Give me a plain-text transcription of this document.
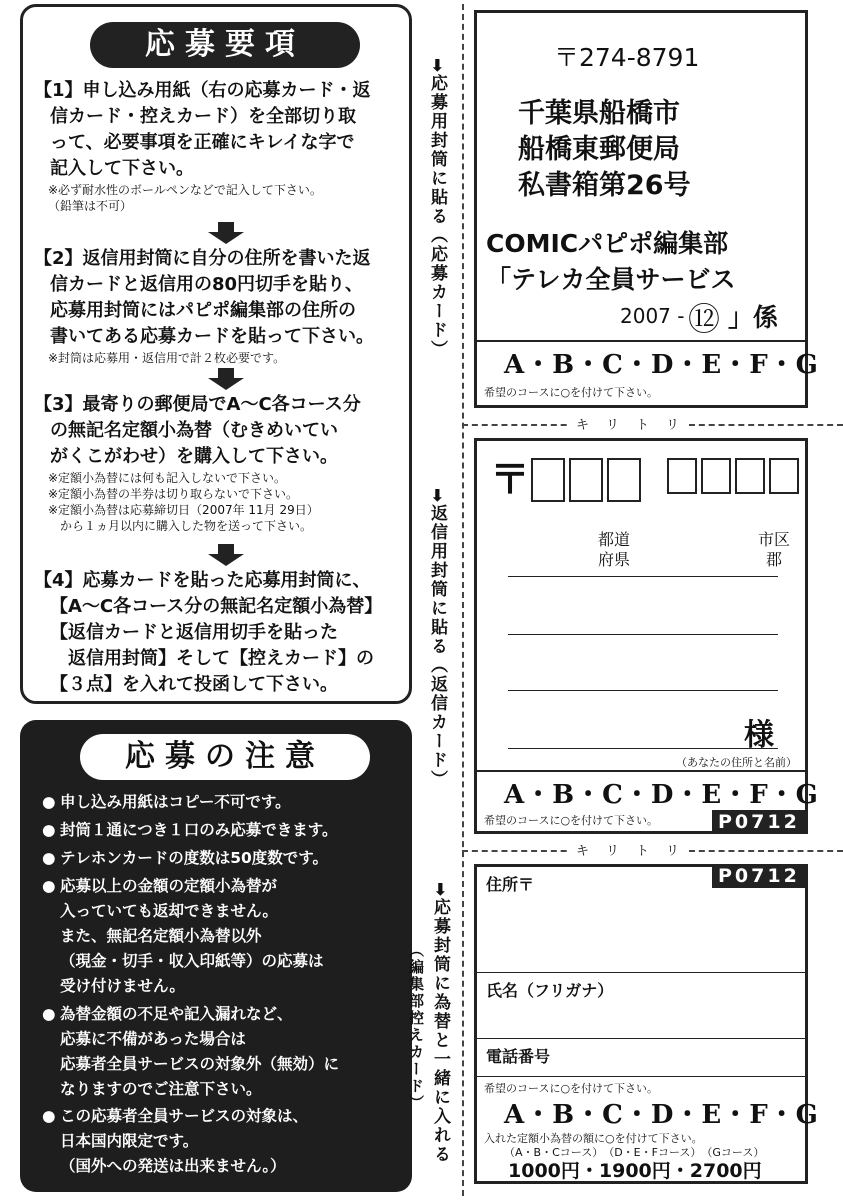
応募要項
【1】申し込み用紙（右の応募カード・返
信カード・控えカード）を全部切り取
って、必要事項を正確にキレイな字で
記入して下さい。
※必ず耐水性のボールペンなどで記入して下さい。
（鉛筆は不可）
【2】返信用封筒に自分の住所を書いた返
信カードと返信用の80円切手を貼り、
応募用封筒にはパピポ編集部の住所の
書いてある応募カードを貼って下さい。
※封筒は応募用・返信用で計２枚必要です。
【3】最寄りの郵便局でA～C各コース分
の無記名定額小為替（むきめいてい
がくこがわせ）を購入して下さい。
※定額小為替には何も記入しないで下さい。
※定額小為替の半券は切り取らないで下さい。
※定額小為替は応募締切日（2007年 11月 29日）
　から１ヵ月以内に購入した物を送って下さい。
【4】応募カードを貼った応募用封筒に、
【A～C各コース分の無記名定額小為替】
【返信カードと返信用切手を貼った
返信用封筒】そして【控えカード】の
【３点】を入れて投函して下さい。
応募の注意
● 申し込み用紙はコピー不可です。
● 封筒１通につき１口のみ応募できます。
● テレホンカードの度数は50度数です。
● 応募以上の金額の定額小為替が
入っていても返却できません。
また、無記名定額小為替以外
（現金・切手・収入印紙等）の応募は
受け付けません。
● 為替金額の不足や記入漏れなど、
応募に不備があった場合は
応募者全員サービスの対象外（無効）に
なりますのでご注意下さい。
● この応募者全員サービスの対象は、
日本国内限定です。
（国外への発送は出来ません。）
➡応募用封筒に貼る（応募カード）
➡返信用封筒に貼る（返信カード）
➡応募封筒に為替と一緒に入れる
（編集部控えカード）
キ　リ　ト　リ
キ　リ　ト　リ
〒274-8791
千葉県船橋市
船橋東郵便局
私書箱第26号
COMICパピポ編集部
「テレカ全員サービス
2007 - ⑫ 」係
A・B・C・D・E・F・G
希望のコースに○を付けて下さい。
〒
都道
府県
市区
郡
様
（あなたの住所と名前）
A・B・C・D・E・F・G
希望のコースに○を付けて下さい。	P0712
P0712
住所〒
氏名（フリガナ）
電話番号
希望のコースに○を付けて下さい。
A・B・C・D・E・F・G
入れた定額小為替の額に○を付けて下さい。
（A・B・Cコース）　（D・E・Fコース）　（Gコース）
1000円・1900円・2700円
